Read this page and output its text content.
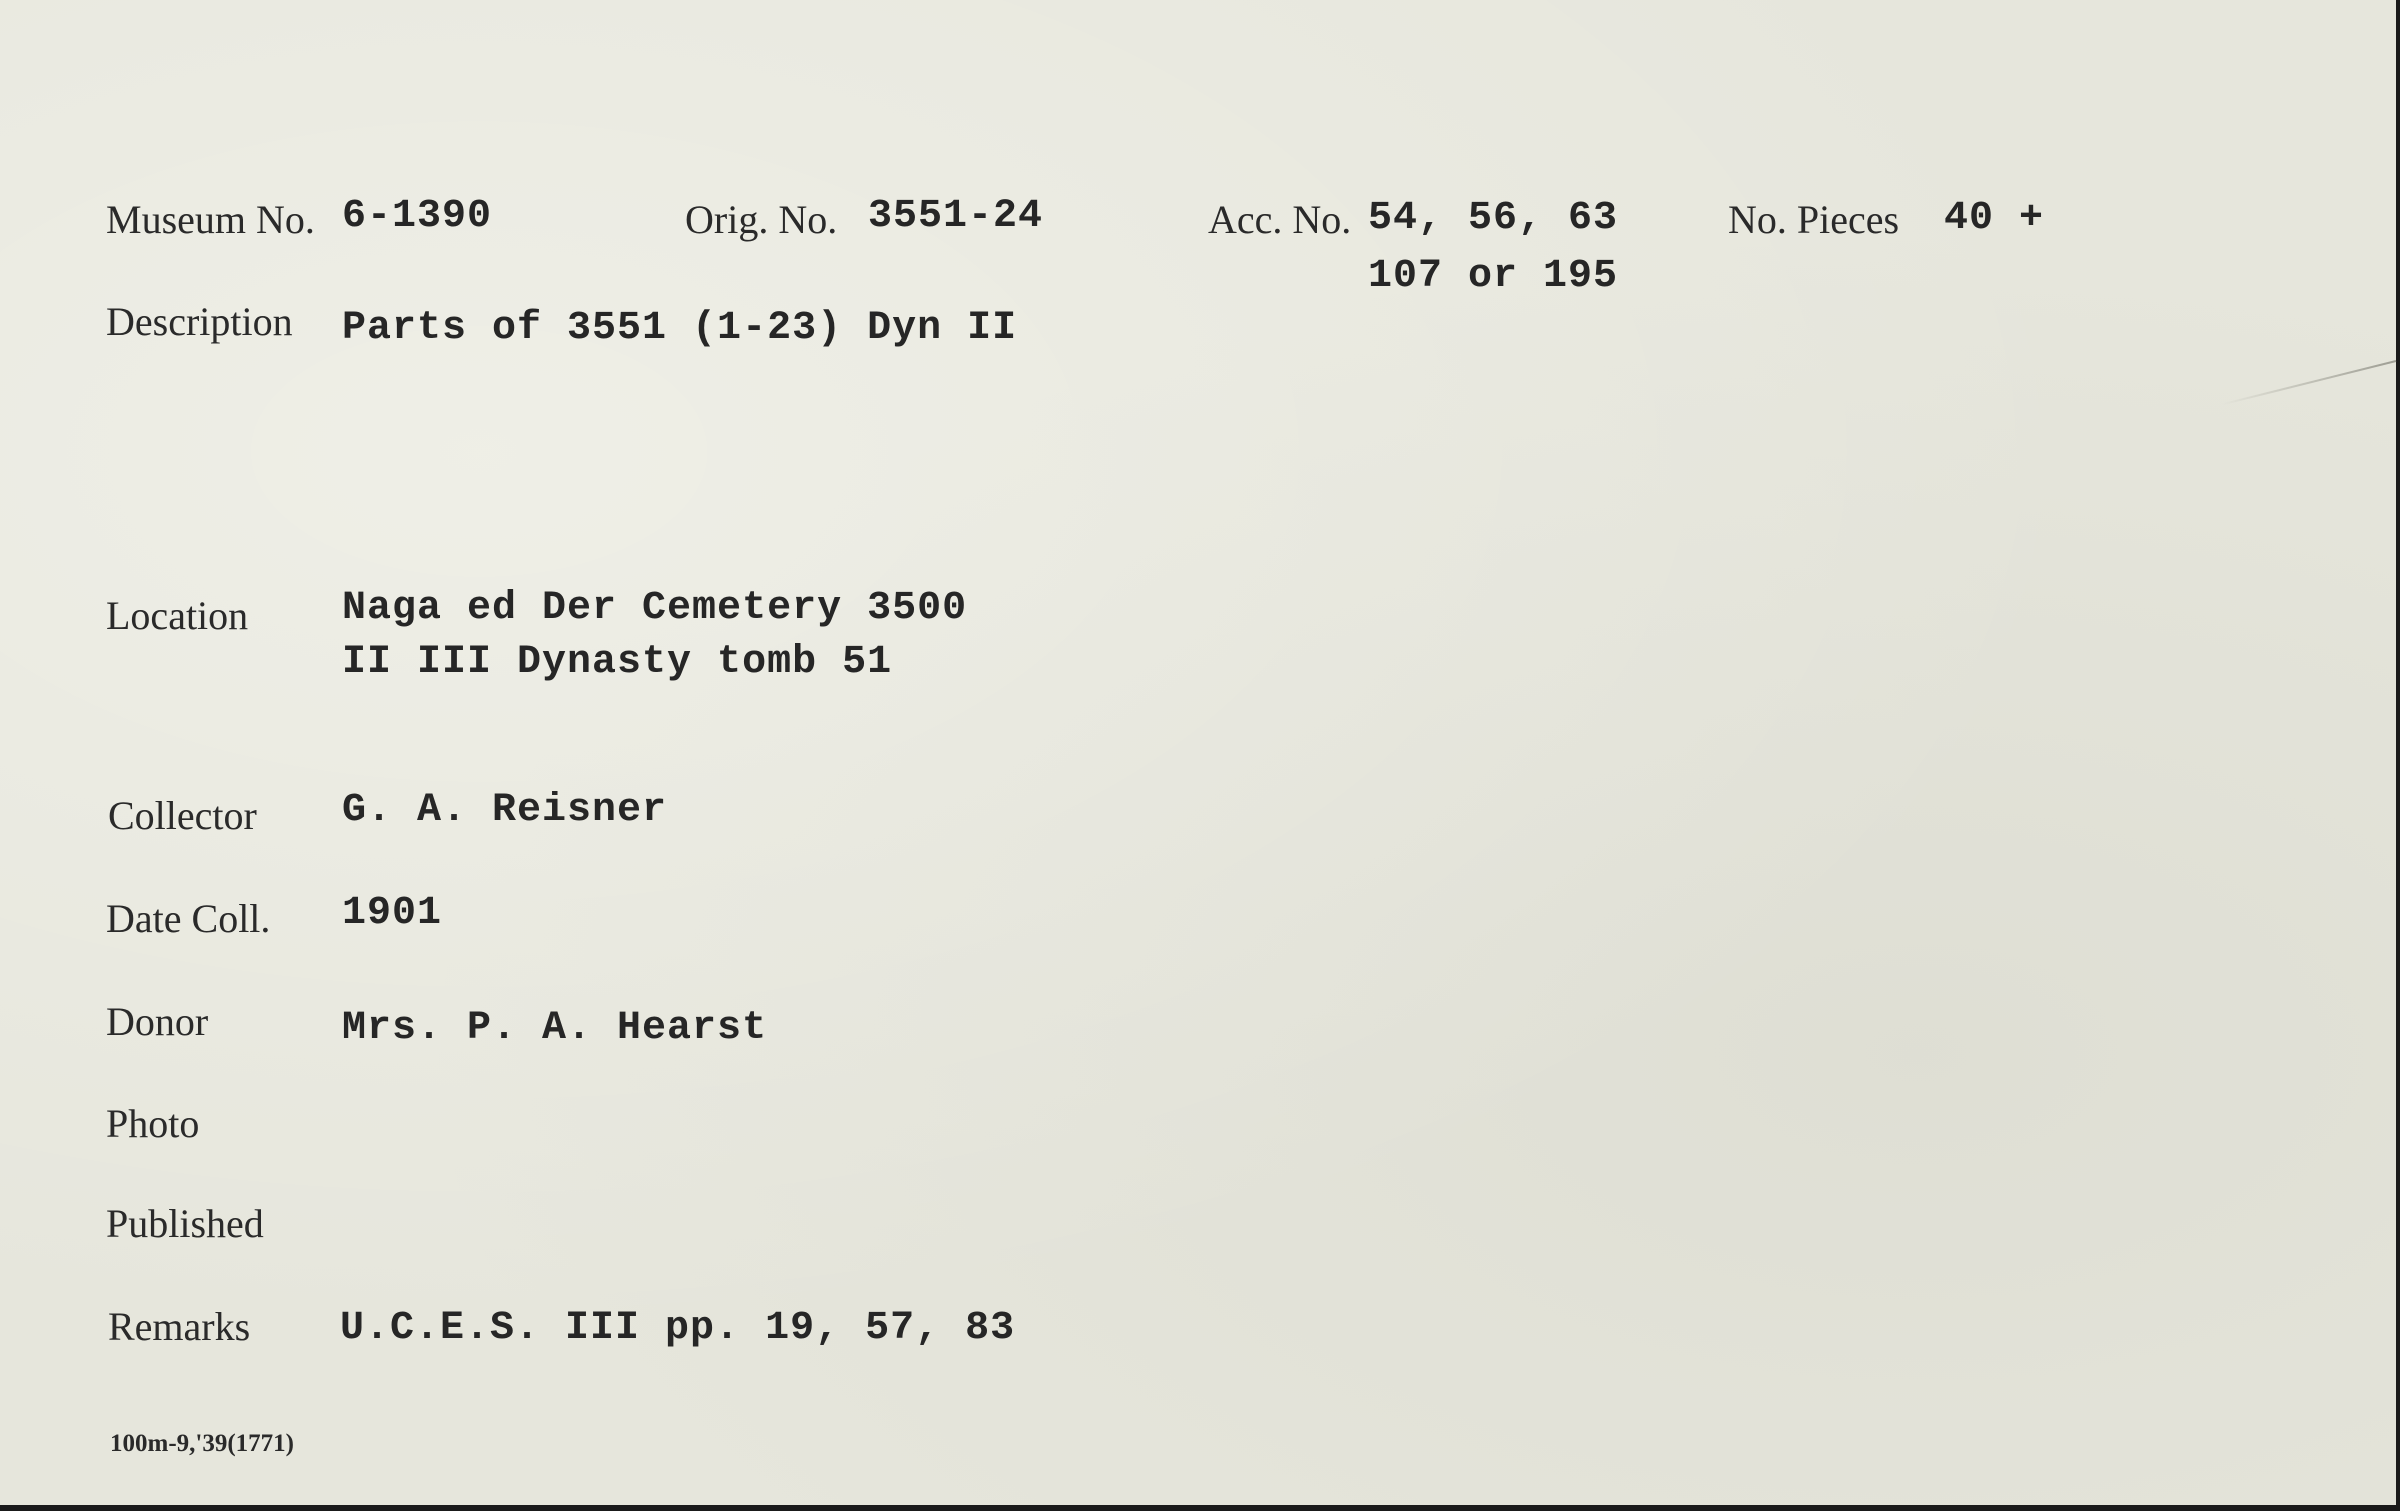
Museum No. 6-1390	Orig. No. 3551-24	Acc. No. 54, 56, 63
107 or 195
No. Pieces 40 +
Description Parts of 3551 (1-23) Dyn II
Location Naga ed Der Cemetery 3500
II III Dynasty tomb 51
Collector G. A. Reisner
Date Coll. 1901
Donor	Mrs. P. A. Hearst
Photo
Published
Remarks U.C.E.S. III pp. 19, 57, 83
100m-9,'39(1771)
